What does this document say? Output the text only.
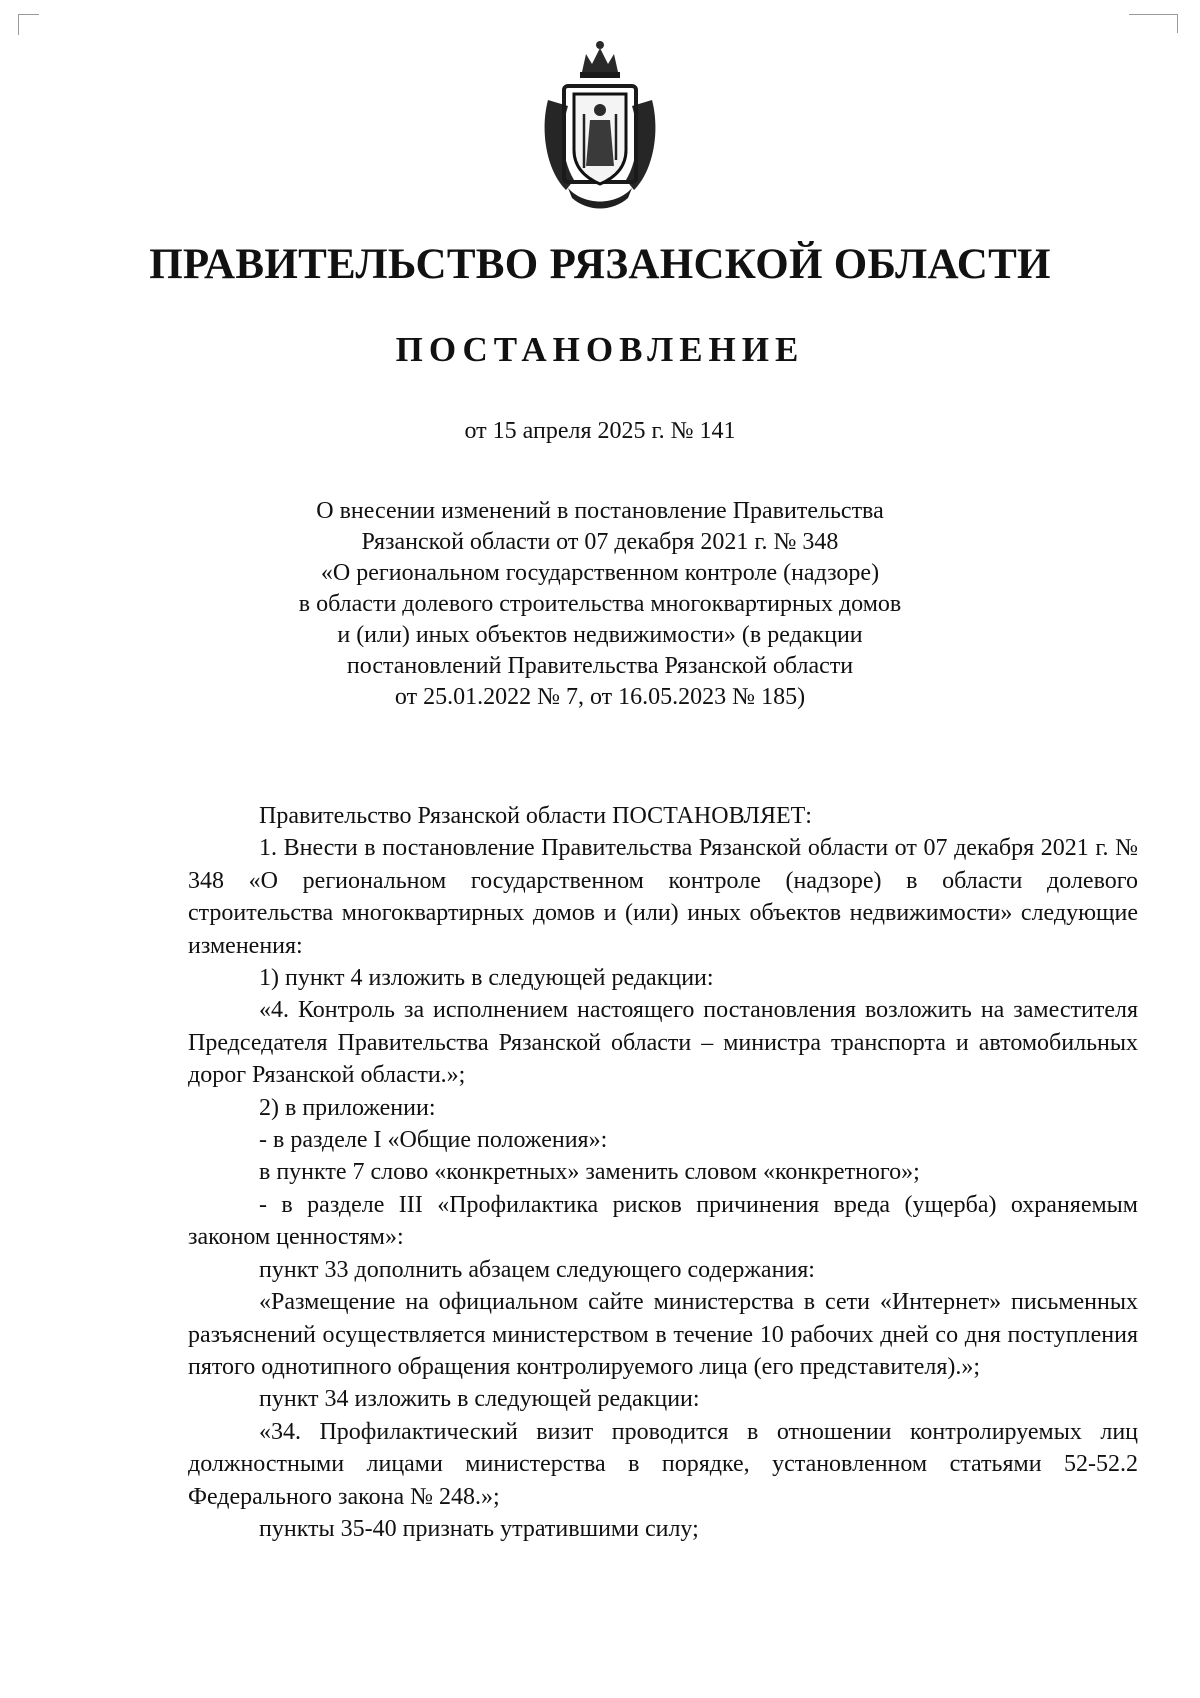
ПРАВИТЕЛЬСТВО РЯЗАНСКОЙ ОБЛАСТИ
ПОСТАНОВЛЕНИЕ
от 15 апреля 2025 г. № 141
О внесении изменений в постановление Правительства
Рязанской области от 07 декабря 2021 г. № 348
«О региональном государственном контроле (надзоре)
в области долевого строительства многоквартирных домов
и (или) иных объектов недвижимости» (в редакции
постановлений Правительства Рязанской области
от 25.01.2022 № 7, от 16.05.2023 № 185)

Правительство Рязанской области ПОСТАНОВЛЯЕТ:

1. Внести в постановление Правительства Рязанской области от 07 декабря 2021 г. № 348 «О региональном государственном контроле (надзоре) в области долевого строительства многоквартирных домов и (или) иных объектов недвижимости» следующие изменения:

1) пункт 4 изложить в следующей редакции:

«4. Контроль за исполнением настоящего постановления возложить на заместителя Председателя Правительства Рязанской области – министра транспорта и автомобильных дорог Рязанской области.»;

2) в приложении:

- в разделе I «Общие положения»:

в пункте 7 слово «конкретных» заменить словом «конкретного»;

- в разделе III «Профилактика рисков причинения вреда (ущерба) охраняемым законом ценностям»:

пункт 33 дополнить абзацем следующего содержания:

«Размещение на официальном сайте министерства в сети «Интернет» письменных разъяснений осуществляется министерством в течение 10 рабочих дней со дня поступления пятого однотипного обращения контролируемого лица (его представителя).»;

пункт 34 изложить в следующей редакции:

«34. Профилактический визит проводится в отношении контролируемых лиц должностными лицами министерства в порядке, установленном статьями 52-52.2 Федерального закона № 248.»;

пункты 35-40 признать утратившими силу;
